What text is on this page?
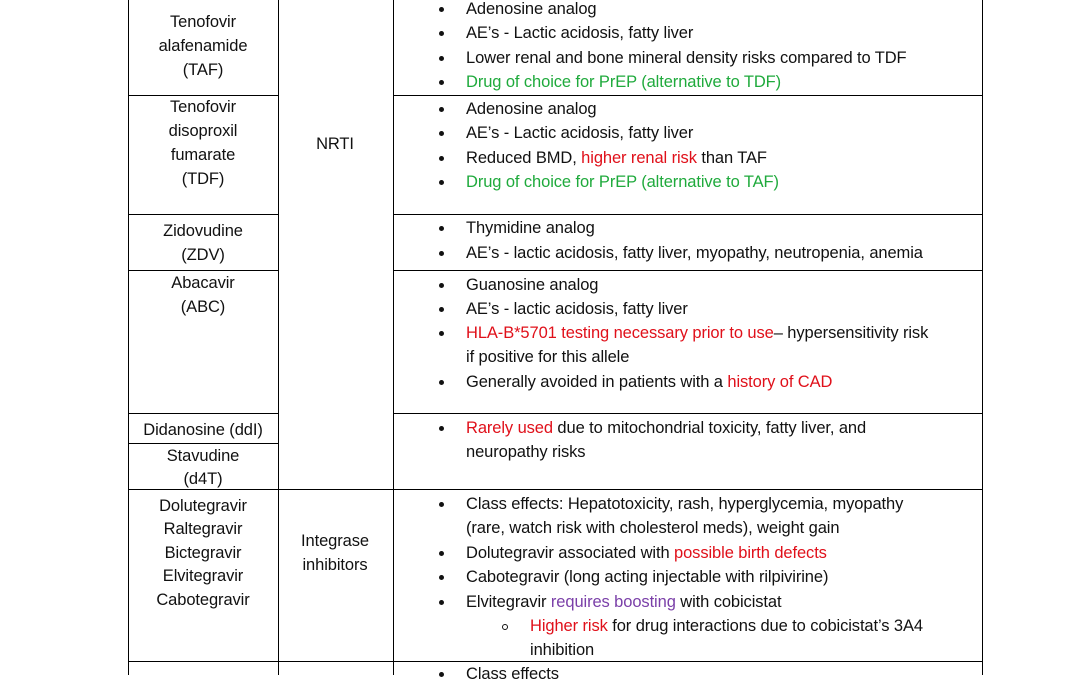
Tenofovir
alafenamide
(TAF)
Adenosine analog
AE’s - Lactic acidosis, fatty liver
Lower renal and bone mineral density risks compared to TDF
Drug of choice for PrEP (alternative to TDF)
Tenofovir
disoproxil
fumarate
(TDF)
NRTI
Adenosine analog
AE’s - Lactic acidosis, fatty liver
Reduced BMD, higher renal risk than TAF
Drug of choice for PrEP (alternative to TAF)
Zidovudine
(ZDV)
Thymidine analog
AE’s - lactic acidosis, fatty liver, myopathy, neutropenia, anemia
Abacavir
(ABC)
Guanosine analog
AE’s - lactic acidosis, fatty liver
HLA-B*5701 testing necessary prior to use– hypersensitivity risk
if positive for this allele
Generally avoided in patients with a history of CAD
Didanosine (ddI)
Stavudine
(d4T)
Rarely used due to mitochondrial toxicity, fatty liver, and
neuropathy risks
Dolutegravir
Raltegravir
Bictegravir
Elvitegravir
Cabotegravir
Integrase
inhibitors
Class effects: Hepatotoxicity, rash, hyperglycemia, myopathy
(rare, watch risk with cholesterol meds), weight gain
Dolutegravir associated with possible birth defects
Cabotegravir (long acting injectable with rilpivirine)
Elvitegravir requires boosting with cobicistat
Higher risk for drug interactions due to cobicistat’s 3A4
inhibition
Class effects
